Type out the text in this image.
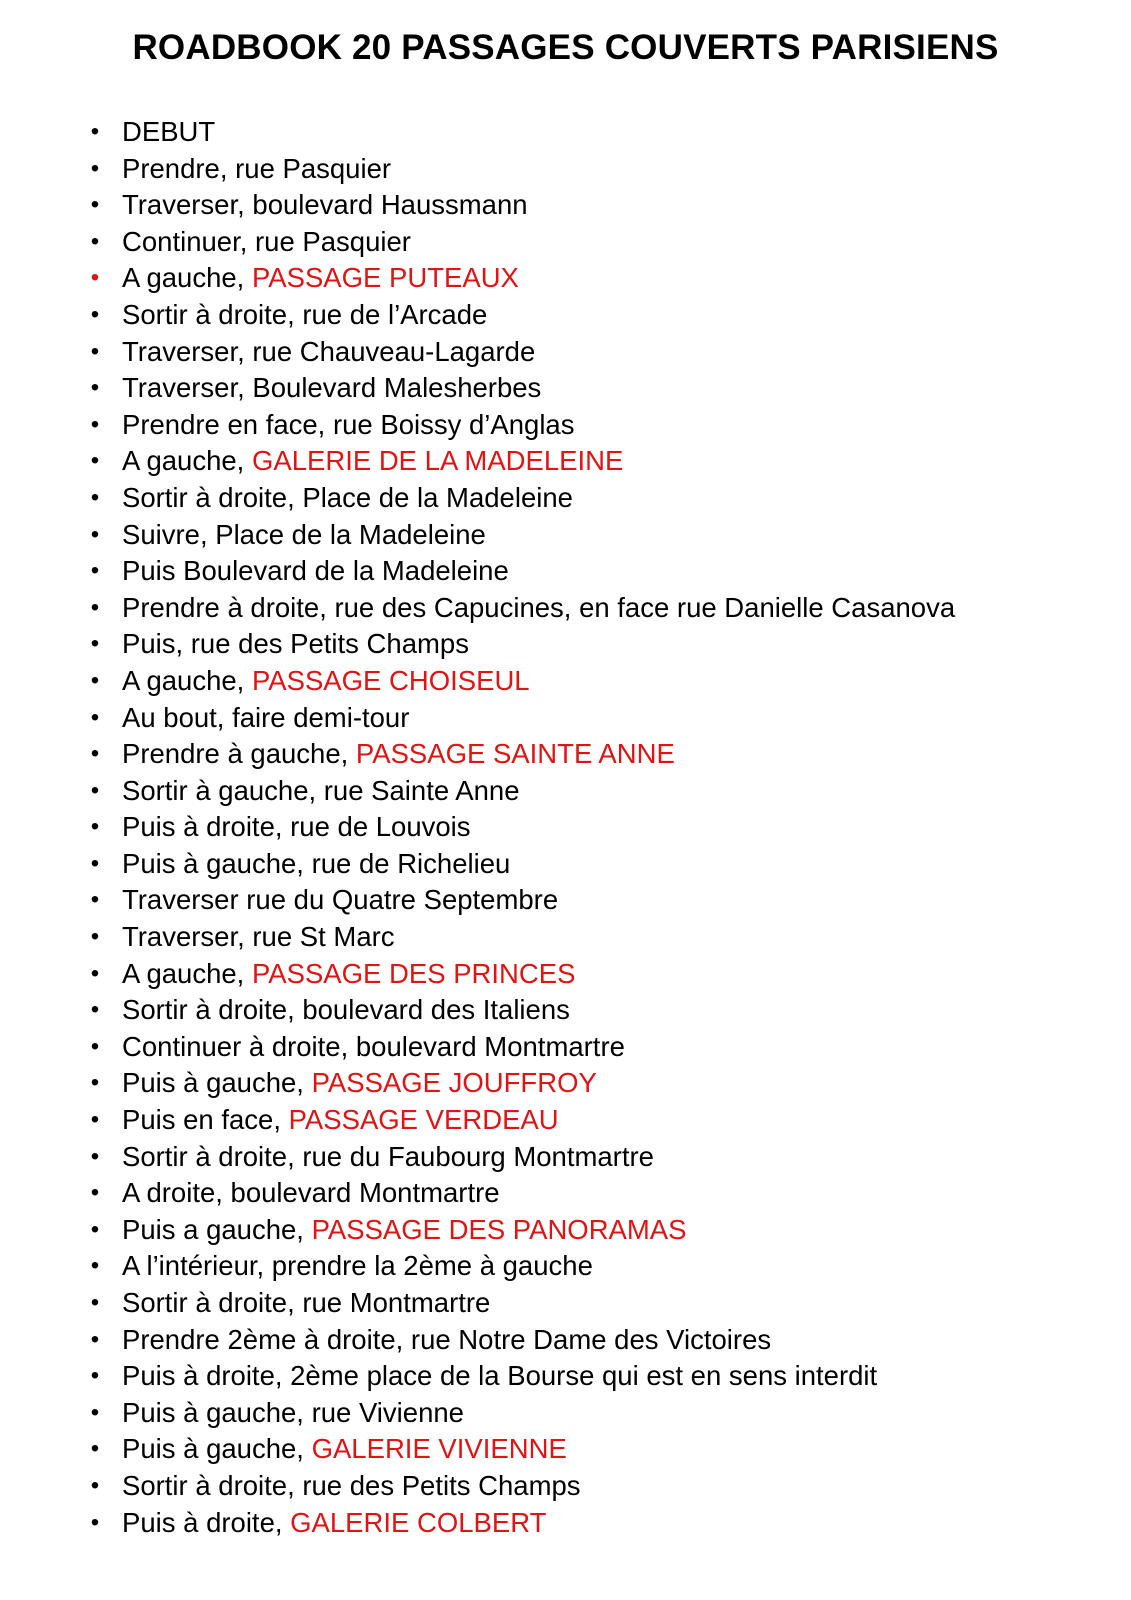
ROADBOOK 20 PASSAGES COUVERTS PARISIENS
• DEBUT
• Prendre, rue Pasquier
• Traverser, boulevard Haussmann
• Continuer, rue Pasquier
• A gauche, PASSAGE PUTEAUX
• Sortir à droite, rue de l’Arcade
• Traverser, rue Chauveau-Lagarde
• Traverser, Boulevard Malesherbes
• Prendre en face, rue Boissy d’Anglas
• A gauche, GALERIE DE LA MADELEINE
• Sortir à droite, Place de la Madeleine
• Suivre, Place de la Madeleine
• Puis Boulevard de la Madeleine
• Prendre à droite, rue des Capucines, en face rue Danielle Casanova
• Puis, rue des Petits Champs
• A gauche, PASSAGE CHOISEUL
• Au bout, faire demi-tour
• Prendre à gauche, PASSAGE SAINTE ANNE
• Sortir à gauche, rue Sainte Anne
• Puis à droite, rue de Louvois
• Puis à gauche, rue de Richelieu
• Traverser rue du Quatre Septembre
• Traverser, rue St Marc
• A gauche, PASSAGE DES PRINCES
• Sortir à droite, boulevard des Italiens
• Continuer à droite, boulevard Montmartre
• Puis à gauche, PASSAGE JOUFFROY
• Puis en face, PASSAGE VERDEAU
• Sortir à droite, rue du Faubourg Montmartre
• A droite, boulevard Montmartre
• Puis a gauche, PASSAGE DES PANORAMAS
• A l’intérieur, prendre la 2ème à gauche
• Sortir à droite, rue Montmartre
• Prendre 2ème à droite, rue Notre Dame des Victoires
• Puis à droite, 2ème place de la Bourse qui est en sens interdit
• Puis à gauche, rue Vivienne
• Puis à gauche, GALERIE VIVIENNE
• Sortir à droite, rue des Petits Champs
• Puis à droite, GALERIE COLBERT
